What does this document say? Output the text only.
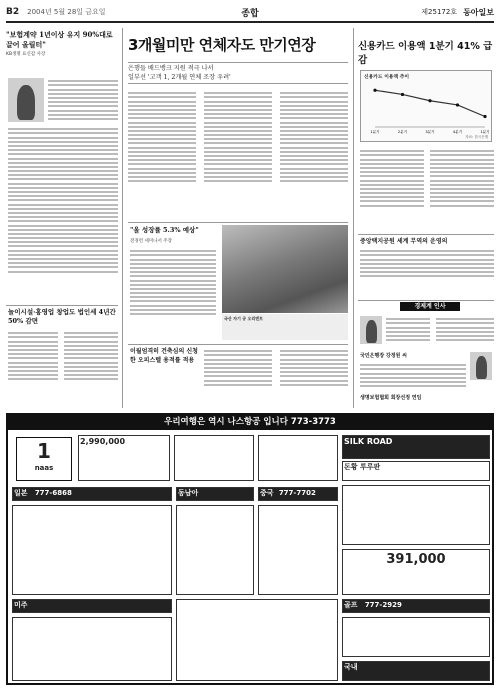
B2 2004년 5월 28일 금요일	종합	제25172호 동아일보
"보험계약 1년이상 유지 90%대로 끌어 올릴터"
KB생명 표신갑 사장
3개월미만 연체자도 만기연장
은행들 배드뱅크 지원 적극 나서
일부선 '고객 1, 2개월 연체 조장 우려'
"올 성장률 5.3% 예상"
전경련 세미나서 주장
국산 자기 공 오리엔트
신용카드 이용액 1분기 41% 급감
신용카드 이용액 추이
1분기	2분기	3분기	4분기	1분기
자료: 한국은행
중앙택지공원 세계 무역의 운영의
경제계 인사
국민은행장 강정원 씨
생명보험협회 회장선정 연임
놀이시설·홍영업 창업도 법인세 4년간 50% 감면
이월엄격히 건축심의 신청한 오피스텔 용적률 적용
우리여행은 역시 나스항공 입니다 773-3773
1
naas
2,990,000	SILK ROAD
돈황 투루판
일본 777-6868	동남아	중국 777-7702
391,000
미주	골프 777-2929
국내
